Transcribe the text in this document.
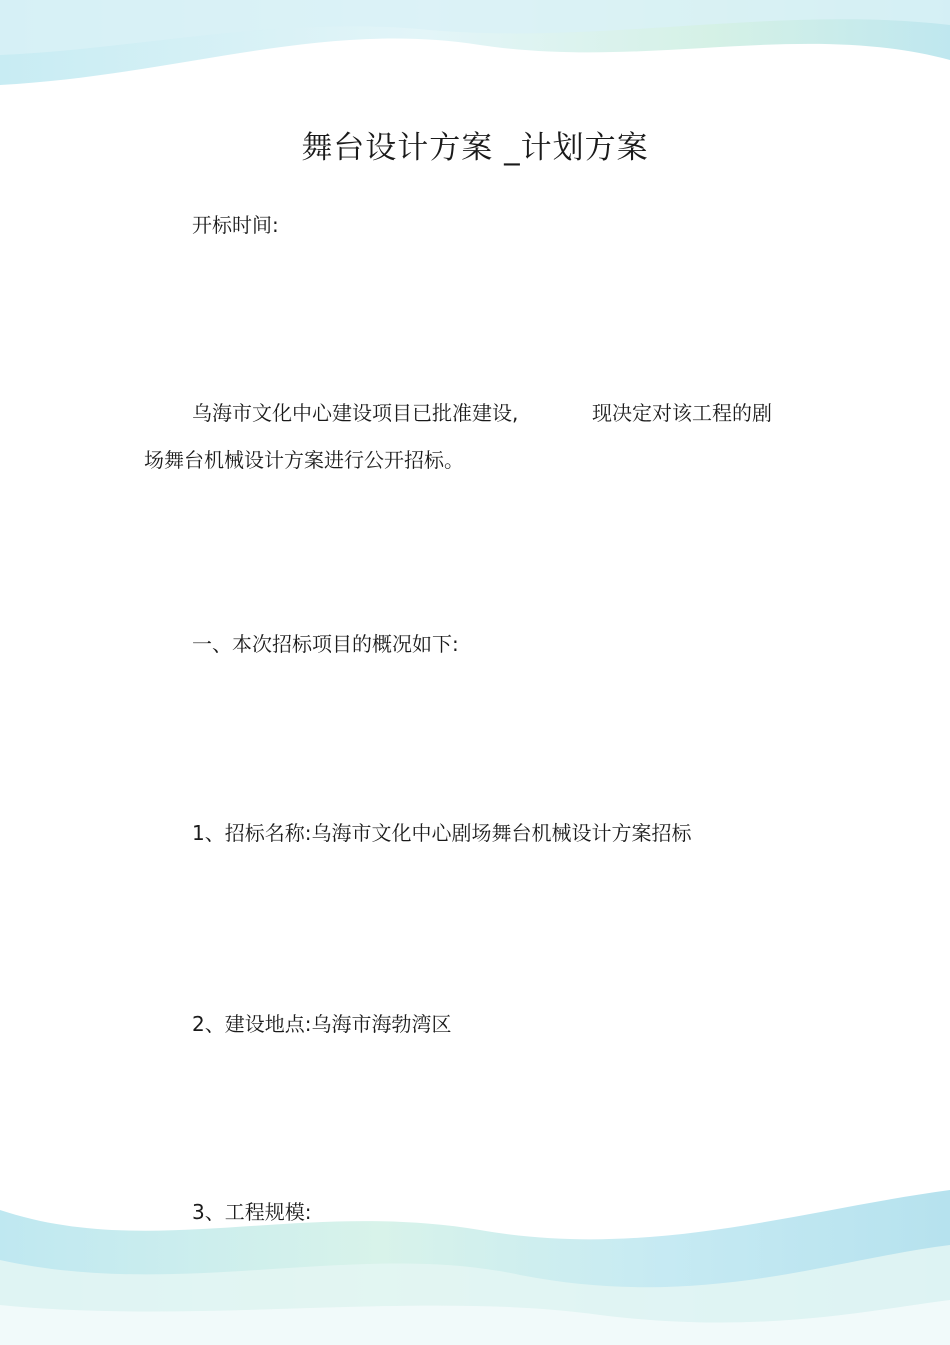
舞台设计方案 _计划方案
开标时间:
乌海市文化中心建设项目已批准建设,	现决定对该工程的剧
场舞台机械设计方案进行公开招标。
一、本次招标项目的概况如下:
1、招标名称:乌海市文化中心剧场舞台机械设计方案招标
2、建设地点:乌海市海勃湾区
3、工程规模:
